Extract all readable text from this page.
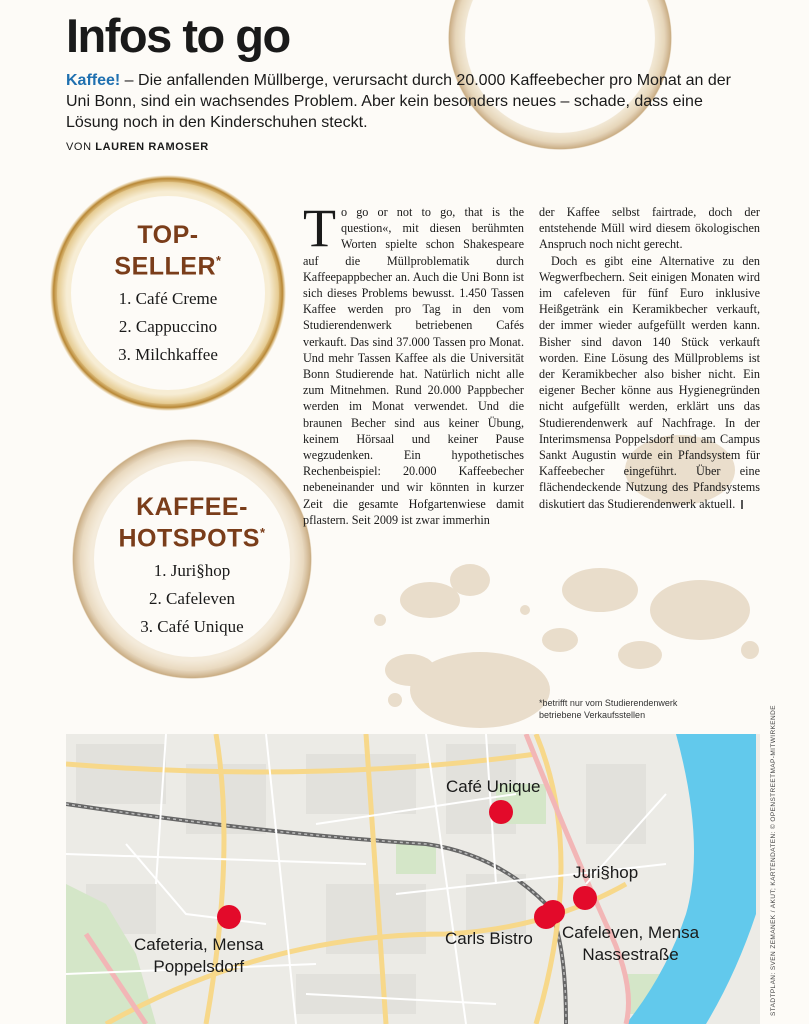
Infos to go

Kaffee! – Die anfallenden Müllberge, verursacht durch 20.000 Kaffeebecher pro Monat an der Uni Bonn, sind ein wachsendes Problem. Aber kein besonders neues – schade, dass eine Lösung noch in den Kinderschuhen steckt.

VON LAUREN RAMOSER
TOP-
SELLER*
1. Café Creme
2. Cappuccino
3. Milchkaffee
KAFFEE-
HOTSPOTS*
1. Juri§hop
2. Cafeleven
3. Café Unique

To go or not to go, that is the question«, mit diesen berühmten Worten spielte schon Shakespeare auf die Müllproblematik durch Kaffeepappbecher an. Auch die Uni Bonn ist sich dieses Problems bewusst. 1.450 Tassen Kaffee werden pro Tag in den vom Studierendenwerk betriebenen Cafés verkauft. Das sind 37.000 Tassen pro Monat. Und mehr Tassen Kaffee als die Universität Bonn Studierende hat. Natürlich nicht alle zum Mitnehmen. Rund 20.000 Pappbecher werden im Monat verwendet. Und die braunen Becher sind aus keiner Übung, keinem Hörsaal und keiner Pause wegzudenken. Ein hypothetisches Rechenbeispiel: 20.000 Kaffeebecher nebeneinander und wir könnten in kurzer Zeit die gesamte Hofgartenwiese damit pflastern. Seit 2009 ist zwar immerhin

der Kaffee selbst fairtrade, doch der entstehende Müll wird diesem ökologischen Anspruch noch nicht gerecht.

Doch es gibt eine Alternative zu den Wegwerfbechern. Seit einigen Monaten wird im cafeleven für fünf Euro inklusive Heißgetränk ein Keramikbecher verkauft, der immer wieder aufgefüllt werden kann. Bisher sind davon 140 Stück verkauft worden. Eine Lösung des Müllproblems ist der Keramikbecher also bisher nicht. Ein eigener Becher könne aus Hygienegründen nicht aufgefüllt werden, erklärt uns das Studierendenwerk auf Nachfrage. In der Interimsmensa Poppelsdorf und am Campus Sankt Augustin wurde ein Pfandsystem für Kaffeebecher eingeführt. Über eine flächendeckende Nutzung des Pfandsystems diskutiert das Studierendenwerk aktuell.

*betrifft nur vom Studierendenwerk
betriebene Verkaufsstellen
Café Unique
Juri§hop
Carls Bistro Cafeleven, Mensa
Nassestraße
Cafeteria, Mensa
Poppelsdorf	STADTPLAN: SVEN ZEMANEK / AKUT; KARTENDATEN: © OPENSTREETMAP-MITWIRKENDE
